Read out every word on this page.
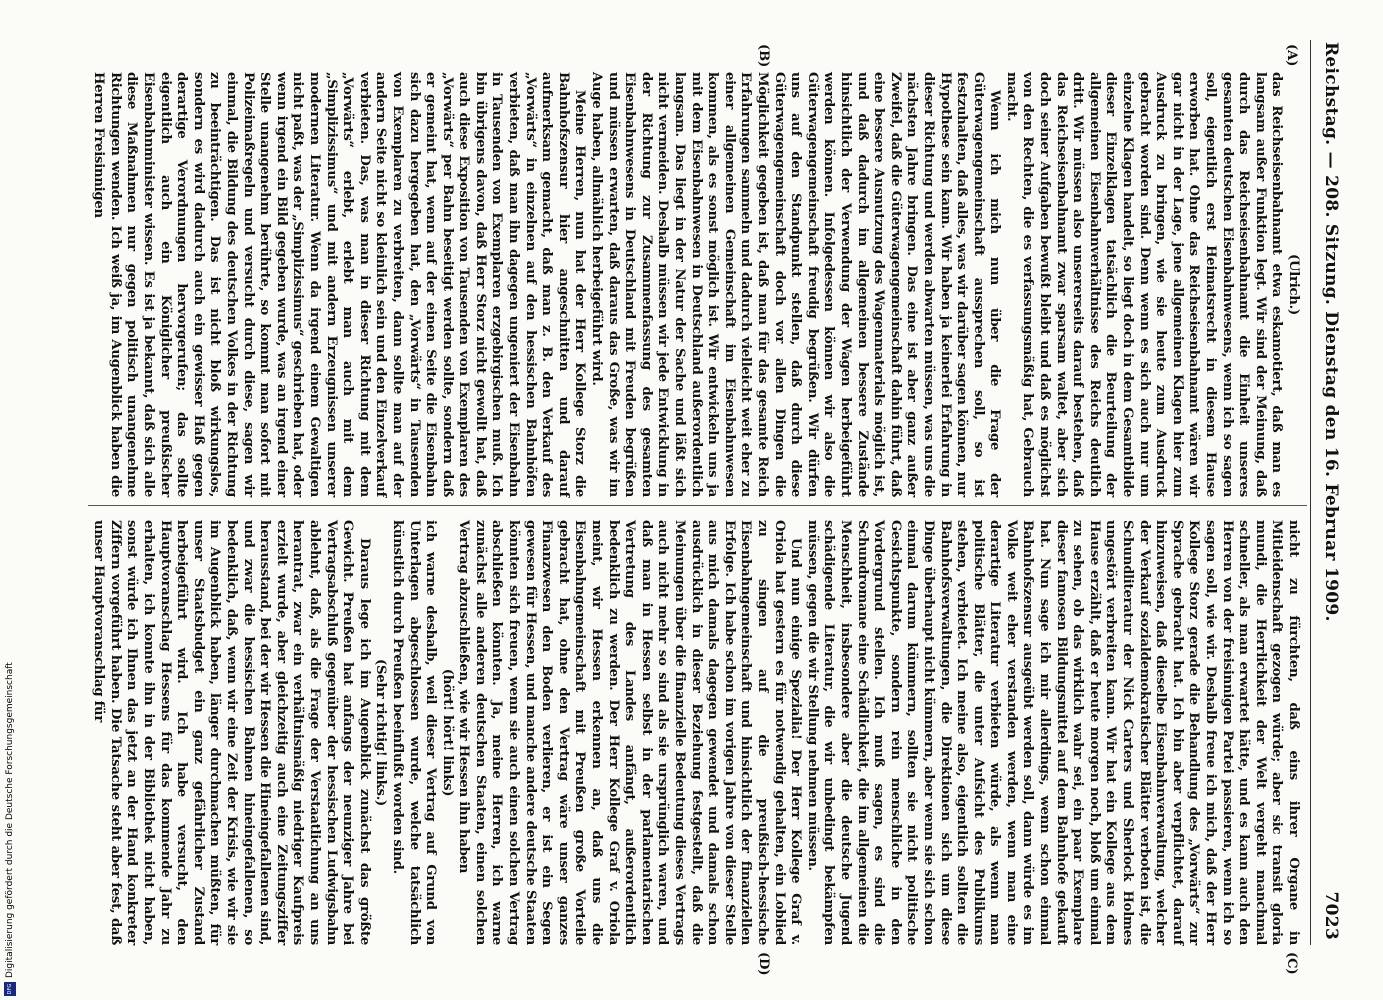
Reichstag. — 208. Sitzung. Dienstag den 16. Februar 1909.
7023
(A)
(B)
(C)
(D)

(Ulrich.)

das Reichseisenbahnamt etwa eskamotiert, daß man es langsam außer Funktion legt. Wir sind der Meinung, daß durch das Reichseisenbahnamt die Einheit unseres gesamten deutschen Eisenbahnwesens, wenn ich so sagen soll, eigentlich erst Heimatsrecht in diesem Hause erworben hat. Ohne das Reichseisenbahnamt wären wir gar nicht in der Lage, jene allgemeinen Klagen hier zum Ausdruck zu bringen, wie sie heute zum Ausdruck gebracht worden sind. Denn wenn es sich auch nur um einzelne Klagen handelt, so liegt doch in dem Gesamtbilde dieser Einzelklagen tatsächlich die Beurteilung der allgemeinen Eisenbahnverhältnisse des Reichs deutlich dritt. Wir müssen also unsererseits darauf bestehen, daß das Reichseisenbahnamt zwar sparsam waltet, aber sich doch seiner Aufgaben bewußt bleibt und daß es möglichst von den Rechten, die es verfassungsmäßig hat, Gebrauch macht.

Wenn ich mich nun über die Frage der Güterwagengemeinschaft aussprechen soll, so ist festzuhalten, daß alles, was wir darüber sagen können, nur Hypothese sein kann. Wir haben ja keinerlei Erfahrung in dieser Richtung und werden abwarten müssen, was uns die nächsten Jahre bringen. Das eine ist aber ganz außer Zweifel, daß die Güterwagengemeinschaft dahin führt, daß eine bessere Ausnutzung des Wagenmaterials möglich ist, und daß dadurch im allgemeinen bessere Zustände hinsichtlich der Verwendung der Wagen herbeigeführt werden können. Infolgedessen können wir also die Güterwagengemeinschaft freudig begrüßen. Wir dürfen uns auf den Standpunkt stellen, daß durch diese Güterwagengemeinschaft doch vor allen Dingen die Möglichkeit gegeben ist, daß man für das gesamte Reich Erfahrungen sammeln und dadurch vielleicht weit eher zu einer allgemeinen Gemeinschaft im Eisenbahnwesen kommen, als es sonst möglich ist. Wir entwickeln uns ja mit dem Eisenbahnwesen in Deutschland außerordentlich langsam. Das liegt in der Natur der Sache und läßt sich nicht vermeiden. Deshalb müssen wir jede Entwicklung in der Richtung zur Zusammenfassung des gesamten Eisenbahnwesens in Deutschland mit Freuden begrüßen und müssen erwarten, daß daraus das Große, was wir im Auge haben, allmählich herbeigeführt wird.

Meine Herren, nun hat der Herr Kollege Storz die Bahnhofszensur hier angeschnitten und darauf aufmerksam gemacht, daß man z. B. den Verkauf des „Vorwärts“ in einzelnen auf den hessischen Bahnhöfen verbieten, daß man ihn dagegen ungeniert der Eisenbahn in Tausenden von Exemplaren erzgebirgischen muß. Ich bin übrigens davon, daß Herr Storz nicht gewollt hat, daß auch diese Exposition von Tausenden von Exemplaren des „Vorwärts“ per Bahn beseitigt werden sollte, sondern daß er gemeint hat, wenn auf der einen Seite die Eisenbahn sich dazu hergegeben hat, den „Vorwärts“ in Tausenden von Exemplaren zu verbreiten, dann sollte man auf der andern Seite nicht so kleinlich sein und den Einzelverkauf verbieten. Das, was man in dieser Richtung mit dem „Vorwärts“ erlebt, erlebt man auch mit dem „Simplizissimus“ und mit andern Erzeugnissen unserer modernen Literatur. Wenn da irgend einem Gewaltigen nicht paßt, was der „Simplizissimus“ geschrieben hat, oder wenn irgend ein Bild gegeben wurde, was an irgend einer Stelle unangenehm berührte, so kommt man sofort mit Polizeimaßregeln und versucht durch diese, sagen wir einmal, die Bildung des deutschen Volkes in der Richtung zu beeinträchtigen. Das ist nicht bloß wirkungslos, sondern es wird dadurch auch ein gewisser Haß gegen derartige Verordnungen hervorgerufen; das sollte eigentlich auch ein Königlicher preußischer Eisenbahnminister wissen. Es ist ja bekannt, daß sich alle diese Maßnahmen nur gegen politisch unangenehme Richtungen wenden. Ich weiß ja, im Augenblick haben die Herren Freisinnigen

nicht zu fürchten, daß eins ihrer Organe in Mitleidenschaft gezogen würde; aber sic transit gloria mundi, die Herrlichkeit der Welt vergeht manchmal schneller, als man erwartet hätte, und es kann auch den Herren von der freisinnigen Partei passieren, wenn ich so sagen soll, wie wir. Deshalb freue ich mich, daß der Herr Kollege Storz gerade die Behandlung des „Vorwärts“ zur Sprache gebracht hat. Ich bin aber verpflichtet, darauf hinzuweisen, daß dieselbe Eisenbahnverwaltung, welcher der Verkauf sozialdemokratischer Blätter verboten ist, die Schundliteratur der Nick Carters und Sherlock Holmes ungestört verbreiten kann. Wir hat ein Kollege aus dem Hause erzählt, daß er heute morgen noch, bloß um einmal zu sehen, ob das wirklich wahr sei, ein paar Exemplare dieser famosen Bildungsmittel auf dem Bahnhofe gekauft hat. Nun sage ich mir allerdings, wenn schon einmal Bahnhofszensur ausgeübt werden soll, dann würde es im Volke weit eher verstanden werden, wenn man eine derartige Literatur verbieten würde, als wenn man politische Blätter, die unter Aufsicht des Publikums stehen, verbietet. Ich meine also, eigentlich sollten die Bahnhofsverwaltungen, die Direktionen sich um diese Dinge überhaupt nicht kümmern, aber wenn sie sich schon einmal darum kümmern, sollten sie nicht politische Gesichtspunkte, sondern rein menschliche in den Vordergrund stellen. Ich muß sagen, es sind die Schundromane eine Schädlichkeit, die im allgemeinen die Menschheit, insbesondere aber die deutsche Jugend schädigende Literatur, die wir unbedingt bekämpfen müssen, gegen die wir Stellung nehmen müssen.

Und nun einige Spezialia! Der Herr Kollege Graf v. Oriola hat gestern es für notwendig gehalten, ein Loblied zu singen auf die preußisch-hessische Eisenbahngemeinschaft und hinsichtlich der finanziellen Erfolge. Ich habe schon im vorigen Jahre von dieser Stelle aus mich damals dagegen gewendet und damals schon ausdrücklich in dieser Beziehung festgestellt, daß die Meinungen über die finanzielle Bedeutung dieses Vertrags auch nicht mehr so sind als sie ursprünglich waren, und daß man in Hessen selbst in der parlamentarischen Vertretung des Landes anfängt, außerordentlich bedenklich zu werden. Der Herr Kollege Graf v. Oriola meint, wir Hessen erkennen an, daß uns die Eisenbahngemeinschaft mit Preußen große Vorteile gebracht hat, ohne den Vertrag wäre unser ganzes Finanzwesen den Boden verlieren, er ist ein Segen gewesen für Hessen, und manche andere deutsche Staaten könnten sich freuen, wenn sie auch einen solchen Vertrag abschließen könnten. Ja, meine Herren, ich warne zunächst alle anderen deutschen Staaten, einen solchen Vertrag abzuschließen, wie wir Hessen ihn haben

(hört! hört! links)

ich warne deshalb, weil dieser Vertrag auf Grund von Unterlagen abgeschlossen wurde, welche tatsächlich künstlich durch Preußen beeinflußt worden sind.

(Sehr richtig! links.)

Daraus lege ich im Augenblick zunächst das größte Gewicht. Preußen hat anfangs der neunziger Jahre bei Vertragsabschluß gegenüber der hessischen Ludwigsbahn ablehnt, daß, als die Frage der Verstaatlichung an uns herantrat, zwar ein verhältnismäßig niedriger Kaufpreis erzielt wurde, aber gleichzeitig auch eine Zeitungsziffer herausstand, bei der wir Hessen die Hineingefallenen sind, und zwar die hessischen Bahnen hineingefallenen, so bedenklich, daß, wenn wir eine Zeit der Krisis, wie wir sie im Augenblick haben, länger durchmachen müßten, für unser Staatsbudget ein ganz gefährlicher Zustand herbeigeführt wird. Ich habe versucht, den Hauptvoranschlag Hessens für das kommende Jahr zu erhalten, ich konnte ihn in der Bibliothek nicht haben, sonst würde ich Ihnen das jetzt an der Hand konkreter Ziffern vorgeführt haben. Die Tatsache steht aber fest, daß unser Hauptvoranschlag für

DFG
Digitalisierung gefördert durch die Deutsche Forschungsgemeinschaft
